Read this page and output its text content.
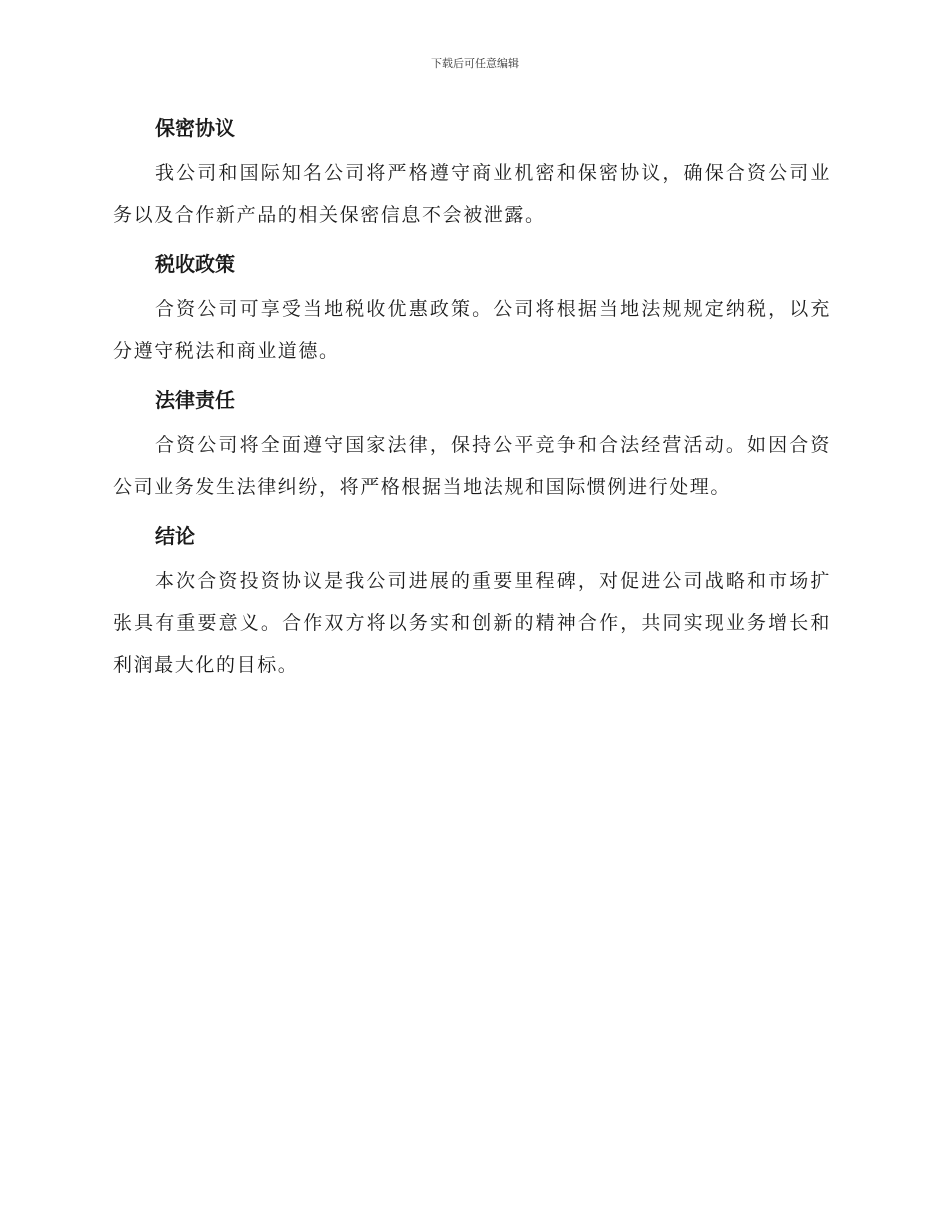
下载后可任意编辑
保密协议

我公司和国际知名公司将严格遵守商业机密和保密协议，确保合资公司业务以及合作新产品的相关保密信息不会被泄露。

税收政策

合资公司可享受当地税收优惠政策。公司将根据当地法规规定纳税，以充分遵守税法和商业道德。

法律责任

合资公司将全面遵守国家法律，保持公平竞争和合法经营活动。如因合资公司业务发生法律纠纷，将严格根据当地法规和国际惯例进行处理。

结论

本次合资投资协议是我公司进展的重要里程碑，对促进公司战略和市场扩张具有重要意义。合作双方将以务实和创新的精神合作，共同实现业务增长和利润最大化的目标。
